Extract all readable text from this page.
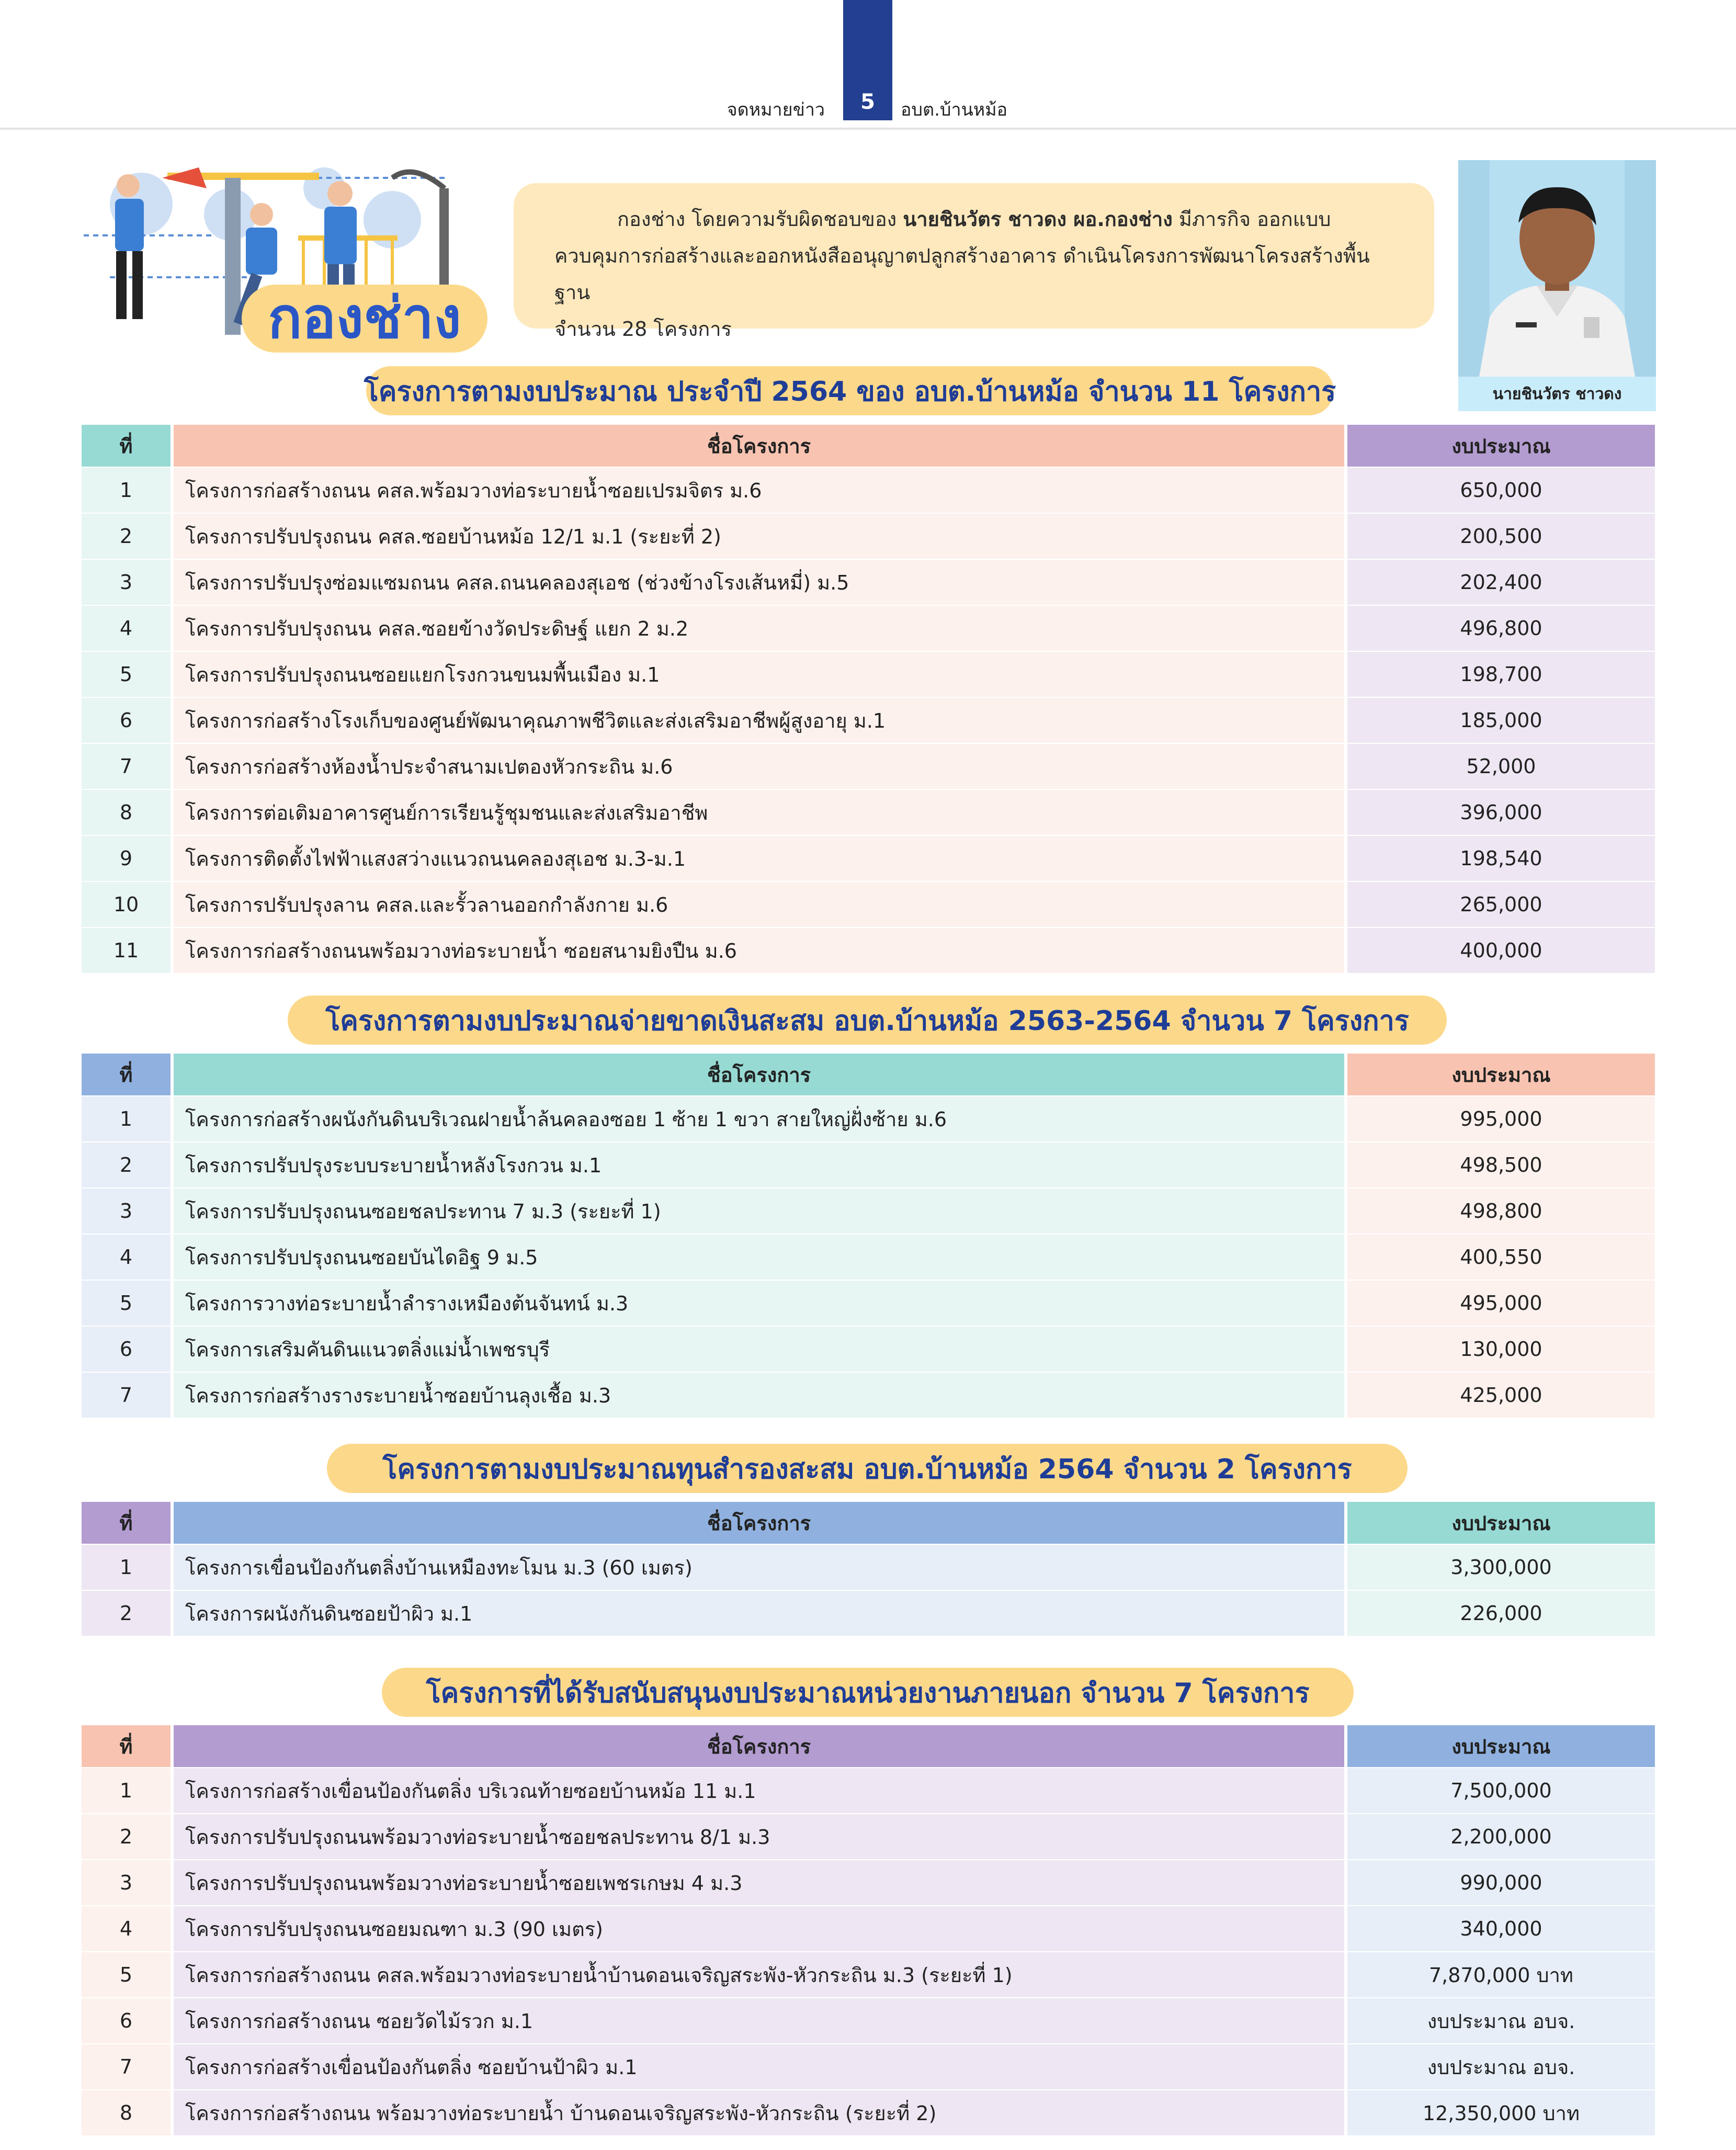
จดหมายข่าว	5	อบต.บ้านหม้อ
กองช่าง
กองช่าง โดยความรับผิดชอบของ นายชินวัตร ชาวดง ผอ.กองช่าง มีภารกิจ ออกแบบ
ควบคุมการก่อสร้างและออกหนังสืออนุญาตปลูกสร้างอาคาร ดำเนินโครงการพัฒนาโครงสร้างพื้นฐาน
จำนวน 28 โครงการ
นายชินวัตร ชาวดง
โครงการตามงบประมาณ ประจำปี 2564 ของ อบต.บ้านหม้อ จำนวน 11 โครงการ
ที่	ชื่อโครงการ	งบประมาณ
1	โครงการก่อสร้างถนน คสล.พร้อมวางท่อระบายน้ำซอยเปรมจิตร ม.6	650,000
2	โครงการปรับปรุงถนน คสล.ซอยบ้านหม้อ 12/1 ม.1 (ระยะที่ 2)	200,500
3	โครงการปรับปรุงซ่อมแซมถนน คสล.ถนนคลองสุเอช (ช่วงข้างโรงเส้นหมี่) ม.5	202,400
4	โครงการปรับปรุงถนน คสล.ซอยข้างวัดประดิษฐ์ แยก 2 ม.2	496,800
5	โครงการปรับปรุงถนนซอยแยกโรงกวนขนมพื้นเมือง ม.1	198,700
6	โครงการก่อสร้างโรงเก็บของศูนย์พัฒนาคุณภาพชีวิตและส่งเสริมอาชีพผู้สูงอายุ ม.1	185,000
7	โครงการก่อสร้างห้องน้ำประจำสนามเปตองหัวกระถิน ม.6	52,000
8	โครงการต่อเติมอาคารศูนย์การเรียนรู้ชุมชนและส่งเสริมอาชีพ	396,000
9	โครงการติดตั้งไฟฟ้าแสงสว่างแนวถนนคลองสุเอช ม.3-ม.1	198,540
10	โครงการปรับปรุงลาน คสล.และรั้วลานออกกำลังกาย ม.6	265,000
11	โครงการก่อสร้างถนนพร้อมวางท่อระบายน้ำ ซอยสนามยิงปืน ม.6	400,000
โครงการตามงบประมาณจ่ายขาดเงินสะสม อบต.บ้านหม้อ 2563-2564 จำนวน 7 โครงการ
ที่	ชื่อโครงการ	งบประมาณ
1	โครงการก่อสร้างผนังกันดินบริเวณฝายน้ำล้นคลองซอย 1 ซ้าย 1 ขวา สายใหญ่ฝั่งซ้าย ม.6	995,000
2	โครงการปรับปรุงระบบระบายน้ำหลังโรงกวน ม.1	498,500
3	โครงการปรับปรุงถนนซอยชลประทาน 7 ม.3 (ระยะที่ 1)	498,800
4	โครงการปรับปรุงถนนซอยบันไดอิฐ 9 ม.5	400,550
5	โครงการวางท่อระบายน้ำลำรางเหมืองต้นจันทน์ ม.3	495,000
6	โครงการเสริมคันดินแนวตลิ่งแม่น้ำเพชรบุรี	130,000
7	โครงการก่อสร้างรางระบายน้ำซอยบ้านลุงเชื้อ ม.3	425,000
โครงการตามงบประมาณทุนสำรองสะสม อบต.บ้านหม้อ 2564 จำนวน 2 โครงการ
ที่	ชื่อโครงการ	งบประมาณ
1	โครงการเขื่อนป้องกันตลิ่งบ้านเหมืองทะโมน ม.3 (60 เมตร)	3,300,000
2	โครงการผนังกันดินซอยป้าผิว ม.1	226,000
โครงการที่ได้รับสนับสนุนงบประมาณหน่วยงานภายนอก จำนวน 7 โครงการ
ที่	ชื่อโครงการ	งบประมาณ
1	โครงการก่อสร้างเขื่อนป้องกันตลิ่ง บริเวณท้ายซอยบ้านหม้อ 11 ม.1	7,500,000
2	โครงการปรับปรุงถนนพร้อมวางท่อระบายน้ำซอยชลประทาน 8/1 ม.3	2,200,000
3	โครงการปรับปรุงถนนพร้อมวางท่อระบายน้ำซอยเพชรเกษม 4 ม.3	990,000
4	โครงการปรับปรุงถนนซอยมณฑา ม.3 (90 เมตร)	340,000
5	โครงการก่อสร้างถนน คสล.พร้อมวางท่อระบายน้ำบ้านดอนเจริญสระพัง-หัวกระถิน ม.3 (ระยะที่ 1)	7,870,000 บาท
6	โครงการก่อสร้างถนน ซอยวัดไม้รวก ม.1	งบประมาณ อบจ.
7	โครงการก่อสร้างเขื่อนป้องกันตลิ่ง ซอยบ้านป้าผิว ม.1	งบประมาณ อบจ.
8	โครงการก่อสร้างถนน พร้อมวางท่อระบายน้ำ บ้านดอนเจริญสระพัง-หัวกระถิน (ระยะที่ 2)	12,350,000 บาท
